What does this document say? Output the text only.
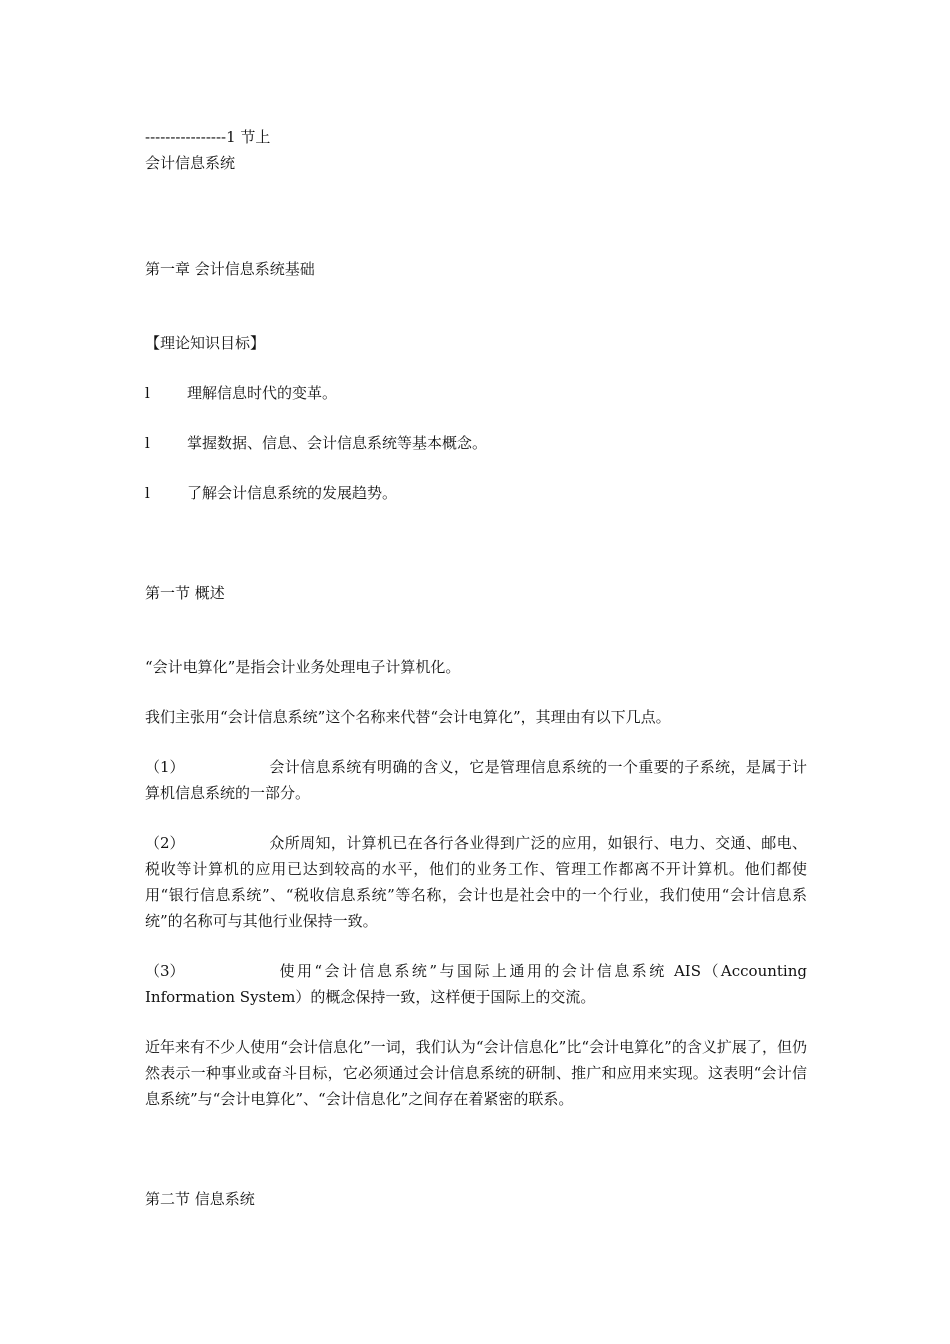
----------------1 节上

会计信息系统

第一章 会计信息系统基础

【理论知识目标】

l	理解信息时代的变革。
l	掌握数据、信息、会计信息系统等基本概念。
l	了解会计信息系统的发展趋势。

第一节 概述

“会计电算化”是指会计业务处理电子计算机化。

我们主张用“会计信息系统”这个名称来代替“会计电算化”，其理由有以下几点。

（1）	会计信息系统有明确的含义，它是管理信息系统的一个重要的子系统，是属于计算机信息系统的一部分。

（2）	众所周知，计算机已在各行各业得到广泛的应用，如银行、电力、交通、邮电、税收等计算机的应用已达到较高的水平，他们的业务工作、管理工作都离不开计算机。他们都使用“银行信息系统”、“税收信息系统”等名称，会计也是社会中的一个行业，我们使用“会计信息系统”的名称可与其他行业保持一致。

（3）	使用“会计信息系统”与国际上通用的会计信息系统 AIS（Accounting Information System）的概念保持一致，这样便于国际上的交流。

近年来有不少人使用“会计信息化”一词，我们认为“会计信息化”比“会计电算化”的含义扩展了，但仍然表示一种事业或奋斗目标，它必须通过会计信息系统的研制、推广和应用来实现。这表明“会计信息系统”与“会计电算化”、“会计信息化”之间存在着紧密的联系。

第二节 信息系统
